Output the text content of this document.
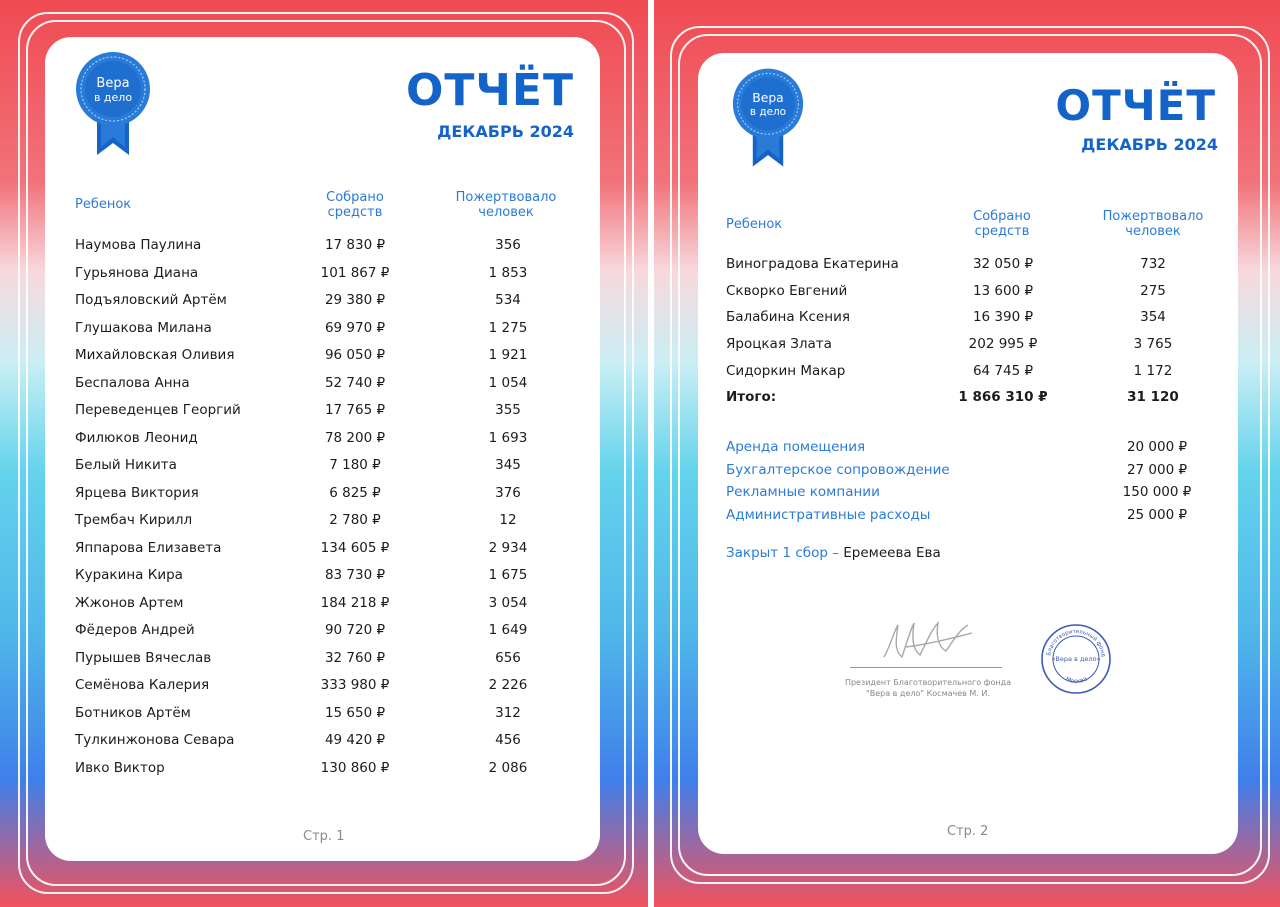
Вера
в дело	ОТЧЁТ
ДЕКАБРЬ 2024
Ребенок	Собрано
средств
Пожертвовало
человек
Наумова Паулина	17 830 ₽	356
Гурьянова Диана	101 867 ₽	1 853
Подъяловский Артём	29 380 ₽	534
Глушакова Милана	69 970 ₽	1 275
Михайловская Оливия	96 050 ₽	1 921
Беспалова Анна	52 740 ₽	1 054
Переведенцев Георгий	17 765 ₽	355
Филюков Леонид	78 200 ₽	1 693
Белый Никита	7 180 ₽	345
Ярцева Виктория	6 825 ₽	376
Трембач Кирилл	2 780 ₽	12
Яппарова Елизавета	134 605 ₽	2 934
Куракина Кира	83 730 ₽	1 675
Жжонов Артем	184 218 ₽	3 054
Фёдеров Андрей	90 720 ₽	1 649
Пурышев Вячеслав	32 760 ₽	656
Семёнова Калерия	333 980 ₽	2 226
Ботников Артём	15 650 ₽	312
Тулкинжонова Севара	49 420 ₽	456
Ивко Виктор	130 860 ₽	2 086
Стр. 1
Вера
в дело	ОТЧЁТ
ДЕКАБРЬ 2024
Ребенок
Собрано
средств
Пожертвовало
человек
Виноградова Екатерина	32 050 ₽	732
Скворко Евгений	13 600 ₽	275
Балабина Ксения	16 390 ₽	354
Яроцкая Злата	202 995 ₽	3 765
Сидоркин Макар	64 745 ₽	1 172
Итого:	1 866 310 ₽	31 120
Аренда помещения	20 000 ₽
Бухгалтерское сопровождение	27 000 ₽
Рекламные компании	150 000 ₽
Административные расходы	25 000 ₽
Закрыт 1 сбор – Еремеева Ева
Президент Благотворительного фонда
"Вера в дело" Космачев М. И.
Благотворительный фонд
«Вера в дело»
Москва
Стр. 2
